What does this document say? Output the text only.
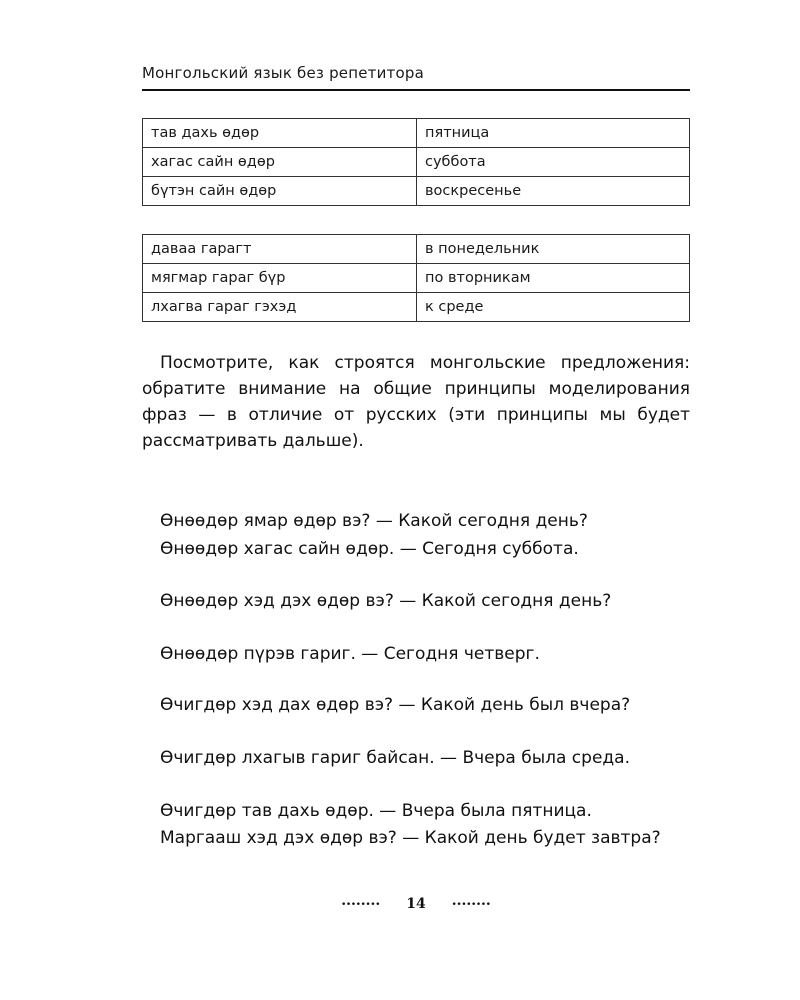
Монгольский язык без репетитора
тав дахь өдөр	пятница
хагас сайн өдөр	суббота
бүтэн сайн өдөр	воскресенье
даваа гарагт	в понедельник
мягмар гараг бүр	по вторникам
лхагва гараг гэхэд	к среде

Посмотрите, как строятся монгольские предложения: обратите внимание на общие принципы моделирования фраз — в отличие от русских (эти принципы мы будет рассматривать дальше).

Өнөөдөр ямар өдөр вэ? — Какой сегодня день?

Өнөөдөр хагас сайн өдөр. — Сегодня суббота.

Өнөөдөр хэд дэх өдөр вэ? — Какой сегодня день?

Өнөөдөр пүрэв гариг. — Сегодня четверг.

Өчигдөр хэд дах өдөр вэ? — Какой день был вчера?

Өчигдөр лхагыв гариг байсан. — Вчера была среда.

Өчигдөр тав дахь өдөр. — Вчера была пятница.

Маргааш хэд дэх өдөр вэ? — Какой день будет завтра?

........ 14 ........
